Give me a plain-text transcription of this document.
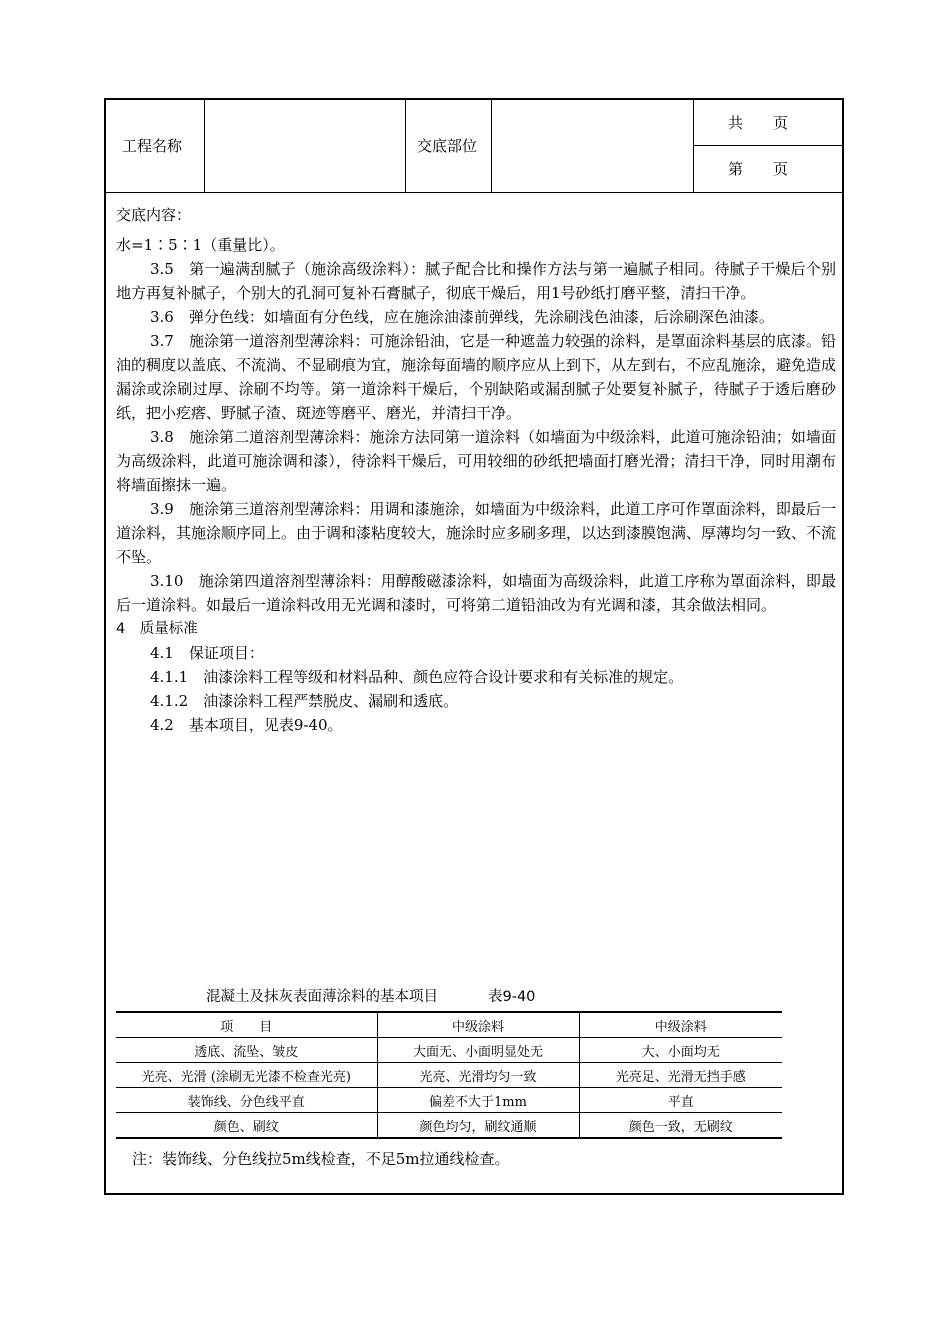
工程名称	交底部位
共　　页
第　　页

交底内容：

水=1∶5∶1（重量比）。

3.5　第一遍满刮腻子（施涂高级涂料）：腻子配合比和操作方法与第一遍腻子相同。待腻子干燥后个别地方再复补腻子，个别大的孔洞可复补石膏腻子，彻底干燥后，用1号砂纸打磨平整，清扫干净。

3.6　弹分色线：如墙面有分色线，应在施涂油漆前弹线，先涂刷浅色油漆，后涂刷深色油漆。

3.7　施涂第一道溶剂型薄涂料：可施涂铅油，它是一种遮盖力较强的涂料，是罩面涂料基层的底漆。铅油的稠度以盖底、不流淌、不显刷痕为宜，施涂每面墙的顺序应从上到下，从左到右，不应乱施涂，避免造成漏涂或涂刷过厚、涂刷不均等。第一道涂料干燥后，个别缺陷或漏刮腻子处要复补腻子，待腻子于透后磨砂纸，把小疙瘩、野腻子渣、斑迹等磨平、磨光，并清扫干净。

3.8　施涂第二道溶剂型薄涂料：施涂方法同第一道涂料（如墙面为中级涂料，此道可施涂铅油；如墙面为高级涂料，此道可施涂调和漆），待涂料干燥后，可用较细的砂纸把墙面打磨光滑；清扫干净，同时用潮布将墙面擦抹一遍。

3.9　施涂第三道溶剂型薄涂料：用调和漆施涂，如墙面为中级涂料，此道工序可作罩面涂料，即最后一道涂料，其施涂顺序同上。由于调和漆粘度较大，施涂时应多刷多理，以达到漆膜饱满、厚薄均匀一致、不流不坠。

3.10　施涂第四道溶剂型薄涂料：用醇酸磁漆涂料，如墙面为高级涂料，此道工序称为罩面涂料，即最后一道涂料。如最后一道涂料改用无光调和漆时，可将第二道铅油改为有光调和漆，其余做法相同。

4　质量标准

4.1　保证项目：

4.1.1　油漆涂料工程等级和材料品种、颜色应符合设计要求和有关标准的规定。

4.1.2　油漆涂料工程严禁脱皮、漏刷和透底。

4.2　基本项目，见表9-40。

混凝土及抹灰表面薄涂料的基本项目	表9-40
项　　目	中级涂料	中级涂料
透底、流坠、皱皮	大面无、小面明显处无	大、小面均无
光亮、光滑 (涂刷无光漆不检查光亮)	光亮、光滑均匀一致	光亮足、光滑无挡手感
装饰线、分色线平直	偏差不大于1mm	平直
颜色、刷纹	颜色均匀，刷纹通顺	颜色一致，无刷纹
注：装饰线、分色线拉5m线检查，不足5m拉通线检查。
